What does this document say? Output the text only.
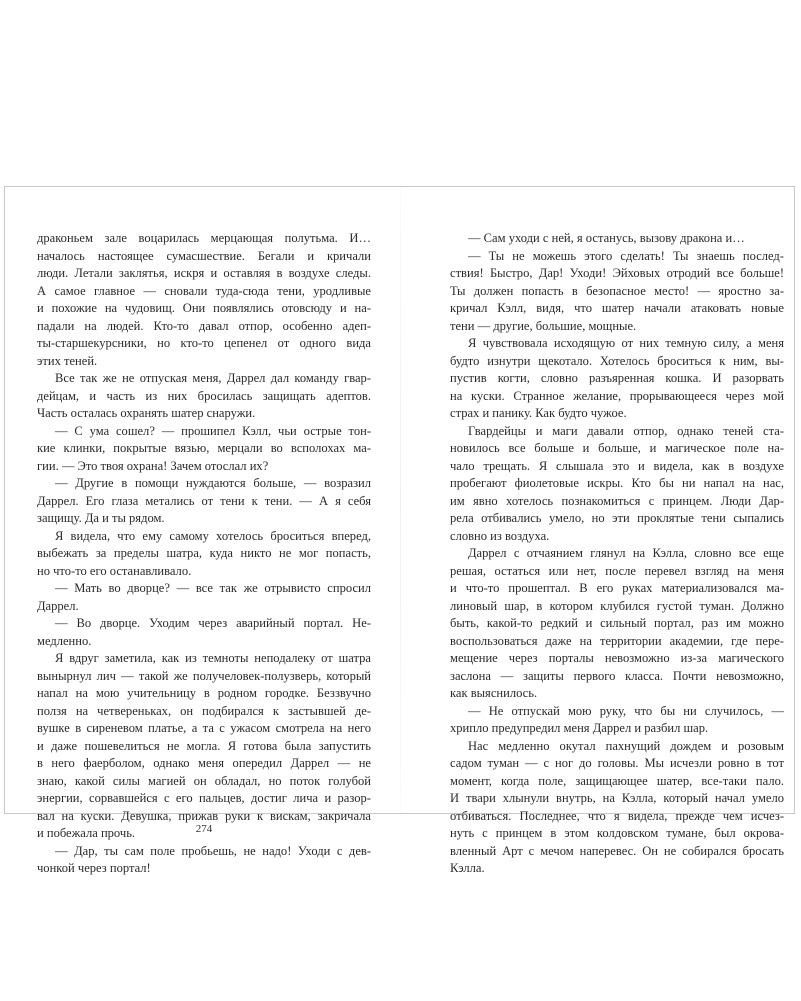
драконьем зале воцарилась мерцающая полутьма. И…
началось настоящее сумасшествие. Бегали и кричали
люди. Летали заклятья, искря и оставляя в воздухе следы.
А самое главное — сновали туда-сюда тени, уродливые
и похожие на чудовищ. Они появлялись отовсюду и на-
падали на людей. Кто-то давал отпор, особенно адеп-
ты-старшекурсники, но кто-то цепенел от одного вида
этих теней.
Все так же не отпуская меня, Даррел дал команду гвар-
дейцам, и часть из них бросилась защищать адептов.
Часть осталась охранять шатер снаружи.
— С ума сошел? — прошипел Кэлл, чьи острые тон-
кие клинки, покрытые вязью, мерцали во всполохах ма-
гии. — Это твоя охрана! Зачем отослал их?
— Другие в помощи нуждаются больше, — возразил
Даррел. Его глаза метались от тени к тени. — А я себя
защищу. Да и ты рядом.
Я видела, что ему самому хотелось броситься вперед,
выбежать за пределы шатра, куда никто не мог попасть,
но что-то его останавливало.
— Мать во дворце? — все так же отрывисто спросил
Даррел.
— Во дворце. Уходим через аварийный портал. Не-
медленно.
Я вдруг заметила, как из темноты неподалеку от шатра
вынырнул лич — такой же получеловек-полузверь, который
напал на мою учительницу в родном городке. Беззвучно
ползя на четвереньках, он подбирался к застывшей де-
вушке в сиреневом платье, а та с ужасом смотрела на него
и даже пошевелиться не могла. Я готова была запустить
в него фаерболом, однако меня опередил Даррел — не
знаю, какой силы магией он обладал, но поток голубой
энергии, сорвавшейся с его пальцев, достиг лича и разор-
вал на куски. Девушка, прижав руки к вискам, закричала
и побежала прочь.
— Дар, ты сам поле пробьешь, не надо! Уходи с дев-
чонкой через портал!
274
— Сам уходи с ней, я останусь, вызову дракона и…
— Ты не можешь этого сделать! Ты знаешь послед-
ствия! Быстро, Дар! Уходи! Эйховых отродий все больше!
Ты должен попасть в безопасное место! — яростно за-
кричал Кэлл, видя, что шатер начали атаковать новые
тени — другие, большие, мощные.
Я чувствовала исходящую от них темную силу, а меня
будто изнутри щекотало. Хотелось броситься к ним, вы-
пустив когти, словно разъяренная кошка. И разорвать
на куски. Странное желание, прорывающееся через мой
страх и панику. Как будто чужое.
Гвардейцы и маги давали отпор, однако теней ста-
новилось все больше и больше, и магическое поле на-
чало трещать. Я слышала это и видела, как в воздухе
пробегают фиолетовые искры. Кто бы ни напал на нас,
им явно хотелось познакомиться с принцем. Люди Дар-
рела отбивались умело, но эти проклятые тени сыпались
словно из воздуха.
Даррел с отчаянием глянул на Кэлла, словно все еще
решая, остаться или нет, после перевел взгляд на меня
и что-то прошептал. В его руках материализовался ма-
линовый шар, в котором клубился густой туман. Должно
быть, какой-то редкий и сильный портал, раз им можно
воспользоваться даже на территории академии, где пере-
мещение через порталы невозможно из-за магического
заслона — защиты первого класса. Почти невозможно,
как выяснилось.
— Не отпускай мою руку, что бы ни случилось, —
хрипло предупредил меня Даррел и разбил шар.
Нас медленно окутал пахнущий дождем и розовым
садом туман — с ног до головы. Мы исчезли ровно в тот
момент, когда поле, защищающее шатер, все-таки пало.
И твари хлынули внутрь, на Кэлла, который начал умело
отбиваться. Последнее, что я видела, прежде чем исчез-
нуть с принцем в этом колдовском тумане, был окрова-
вленный Арт с мечом наперевес. Он не собирался бросать
Кэлла.
